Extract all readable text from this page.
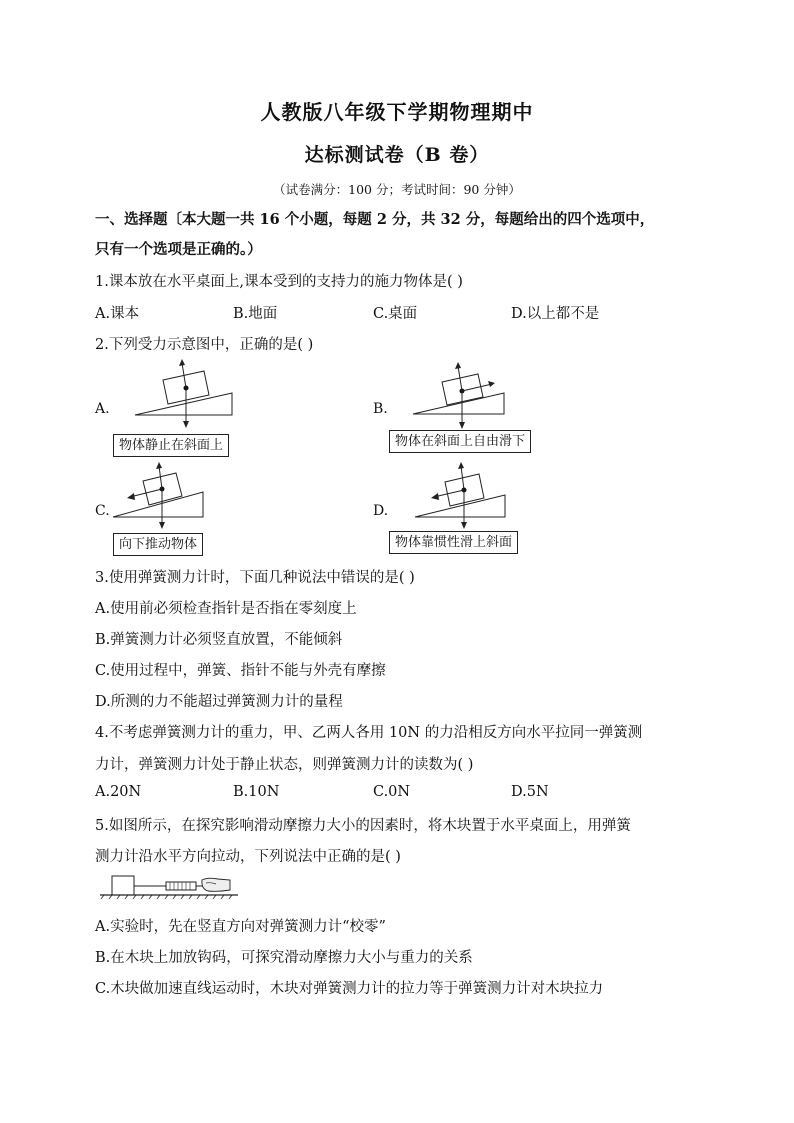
人教版八年级下学期物理期中
达标测试卷（B 卷）
（试卷满分：100 分；考试时间：90 分钟）
一、选择题〔本大题一共 16 个小题，每题 2 分，共 32 分，每题给出的四个选项中，
只有一个选项是正确的。）
1.课本放在水平桌面上,课本受到的支持力的施力物体是( )
A.课本	B.地面	C.桌面	D.以上都不是
2.下列受力示意图中，正确的是( )
A.
物体静止在斜面上
B.
物体在斜面上自由滑下
C.
向下推动物体
D.
物体靠惯性滑上斜面
3.使用弹簧测力计时，下面几种说法中错误的是( )
A.使用前必须检查指针是否指在零刻度上
B.弹簧测力计必须竖直放置，不能倾斜
C.使用过程中，弹簧、指针不能与外壳有摩擦
D.所测的力不能超过弹簧测力计的量程
4.不考虑弹簧测力计的重力，甲、乙两人各用 10N 的力沿相反方向水平拉同一弹簧测
力计，弹簧测力计处于静止状态，则弹簧测力计的读数为( )
A.20N	B.10N	C.0N	D.5N
5.如图所示，在探究影响滑动摩擦力大小的因素时，将木块置于水平桌面上，用弹簧
测力计沿水平方向拉动，下列说法中正确的是( )
A.实验时，先在竖直方向对弹簧测力计“校零”
B.在木块上加放钩码，可探究滑动摩擦力大小与重力的关系
C.木块做加速直线运动时，木块对弹簧测力计的拉力等于弹簧测力计对木块拉力
